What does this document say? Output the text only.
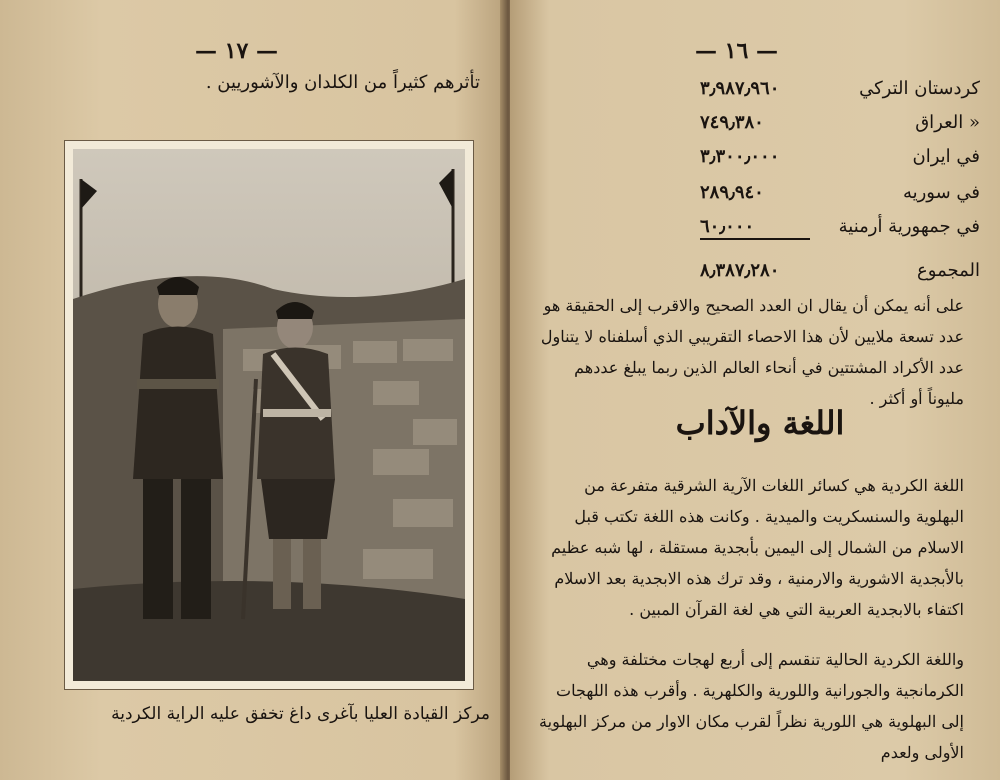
— ١٧ —
تأثرهم كثيراً من الكلدان والآشوريين .
مركز القيادة العليا بآغرى داغ تخفق عليه الراية الكردية
— ١٦ —
كردستان التركي
٣٫٩٨٧٫٩٦٠
« العراق
٧٤٩٫٣٨٠
في ايران
٣٫٣٠٠٫٠٠٠
في سوريه
٢٨٩٫٩٤٠
في جمهورية أرمنية
٦٠٫٠٠٠
المجموع
٨٫٣٨٧٫٢٨٠
على أنه يمكن أن يقال ان العدد الصحيح والاقرب إلى الحقيقة هو عدد تسعة ملايين لأن هذا الاحصاء التقريبي الذي أسلفناه لا يتناول عدد الأكراد المشتتين في أنحاء العالم الذين ربما يبلغ عددهم مليوناً أو أكثر .
اللغة والآداب
اللغة الكردية هي كسائر اللغات الآرية الشرقية متفرعة من البهلوية والسنسكريت والميدية . وكانت هذه اللغة تكتب قبل الاسلام من الشمال إلى اليمين بأبجدية مستقلة ، لها شبه عظيم بالأبجدية الاشورية والارمنية ، وقد ترك هذه الابجدية بعد الاسلام اكتفاء بالابجدية العربية التي هي لغة القرآن المبين .
واللغة الكردية الحالية تنقسم إلى أربع لهجات مختلفة وهي الكرمانجية والجورانية واللورية والكلهرية . وأقرب هذه اللهجات إلى البهلوية هي اللورية نظراً لقرب مكان الاوار من مركز البهلوية الأولى ولعدم
